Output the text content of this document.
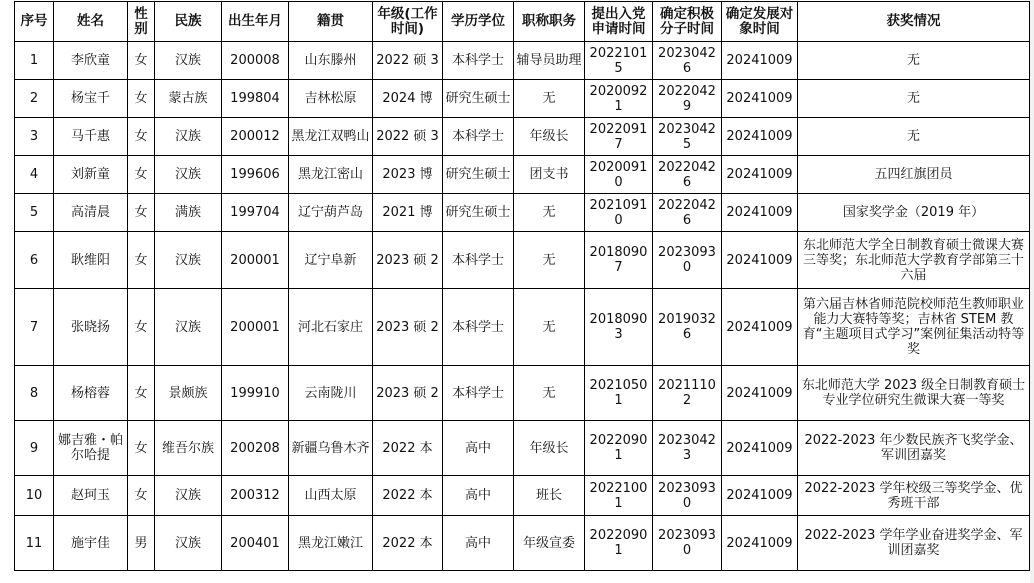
序号	姓名	性别	民族	出生年月	籍贯	年级(工作时间)	学历学位	职称职务	提出入党申请时间	确定积极分子时间	确定发展对象时间	获奖情况
1	李欣童	女	汉族	200008	山东滕州	2022 硕 3	本科学士	辅导员助理	20221015	20230426	20241009	无
2	杨宝千	女	蒙古族	199804	吉林松原	2024 博	研究生硕士	无	20200921	20220429	20241009	无
3	马千惠	女	汉族	200012	黑龙江双鸭山	2022 硕 3	本科学士	年级长	20220917	20230425	20241009	无
4	刘新童	女	汉族	199606	黑龙江密山	2023 博	研究生硕士	团支书	20200910	20220426	20241009	五四红旗团员
5	高清晨	女	满族	199704	辽宁葫芦岛	2021 博	研究生硕士	无	20210910	20220426	20241009	国家奖学金（2019 年）
6	耿维阳	女	汉族	200001	辽宁阜新	2023 硕 2	本科学士	无	20180907	20230930	20241009	东北师范大学全日制教育硕士微课大赛三等奖；东北师范大学教育学部第三十六届
7	张晓扬	女	汉族	200001	河北石家庄	2023 硕 2	本科学士	无	20180903	20190326	20241009	第六届吉林省师范院校师范生教师职业能力大赛特等奖；吉林省 STEM 教育“主题项目式学习”案例征集活动特等奖
8	杨榕蓉	女	景颇族	199910	云南陇川	2023 硕 2	本科学士	无	20210501	20211102	20241009	东北师范大学 2023 级全日制教育硕士专业学位研究生微课大赛一等奖
9	娜吉雅・帕尔哈提	女	维吾尔族	200208	新疆乌鲁木齐	2022 本	高中	年级长	20220901	20230423	20241009	2022-2023 年少数民族齐飞奖学金、军训团嘉奖
10	赵珂玉	女	汉族	200312	山西太原	2022 本	高中	班长	20221001	20230930	20241009	2022-2023 学年校级三等奖学金、优秀班干部
11	施宇佳	男	汉族	200401	黑龙江嫩江	2022 本	高中	年级宣委	20220901	20230930	20241009	2022-2023 学年学业奋进奖学金、军训团嘉奖
